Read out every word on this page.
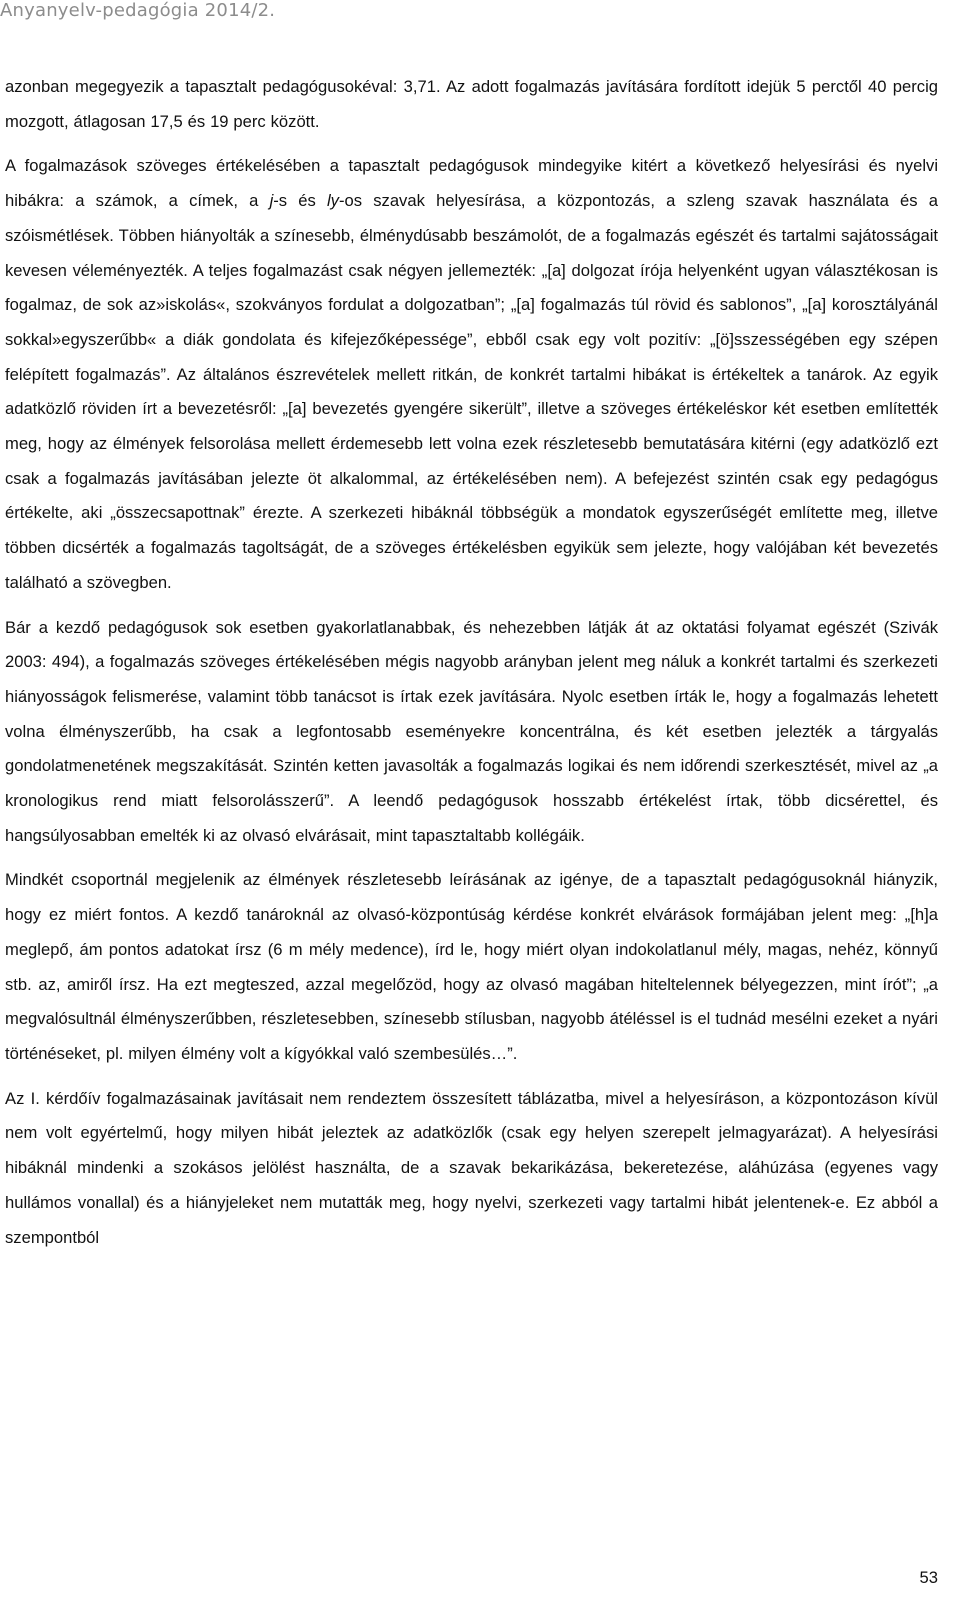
Anyanyelv-pedagógia 2014/2.

azonban megegyezik a tapasztalt pedagógusokéval: 3,71. Az adott fogalmazás javítására fordított idejük 5 perctől 40 percig mozgott, átlagosan 17,5 és 19 perc között.

A fogalmazások szöveges értékelésében a tapasztalt pedagógusok mindegyike kitért a következő helyesírási és nyelvi hibákra: a számok, a címek, a j-s és ly-os szavak helyesírása, a központozás, a szleng szavak használata és a szóismétlések. Többen hiányolták a színesebb, élménydúsabb beszámolót, de a fogalmazás egészét és tartalmi sajátosságait kevesen véleményezték. A teljes fogalmazást csak négyen jellemezték: „[a] dolgozat írója helyenként ugyan választékosan is fogalmaz, de sok az»iskolás«, szokványos fordulat a dolgozatban”; „[a] fogalmazás túl rövid és sablonos”, „[a] korosztályánál sokkal»egyszerűbb« a diák gondolata és kifejezőképessége”, ebből csak egy volt pozitív: „[ö]sszességében egy szépen felépített fogalmazás”. Az általános észrevételek mellett ritkán, de konkrét tartalmi hibákat is értékeltek a tanárok. Az egyik adatközlő röviden írt a bevezetésről: „[a] bevezetés gyengére sikerült”, illetve a szöveges értékeléskor két esetben említették meg, hogy az élmények felsorolása mellett érdemesebb lett volna ezek részletesebb bemutatására kitérni (egy adatközlő ezt csak a fogalmazás javításában jelezte öt alkalommal, az értékelésében nem). A befejezést szintén csak egy pedagógus értékelte, aki „összecsapottnak” érezte. A szerkezeti hibáknál többségük a mondatok egyszerűségét említette meg, illetve többen dicsérték a fogalmazás tagoltságát, de a szöveges értékelésben egyikük sem jelezte, hogy valójában két bevezetés található a szövegben.

Bár a kezdő pedagógusok sok esetben gyakorlatlanabbak, és nehezebben látják át az oktatási folyamat egészét (Szivák 2003: 494), a fogalmazás szöveges értékelésében mégis nagyobb arányban jelent meg náluk a konkrét tartalmi és szerkezeti hiányosságok felismerése, valamint több tanácsot is írtak ezek javítására. Nyolc esetben írták le, hogy a fogalmazás lehetett volna élményszerűbb, ha csak a legfontosabb eseményekre koncentrálna, és két esetben jelezték a tárgyalás gondolatmenetének megszakítását. Szintén ketten javasolták a fogalmazás logikai és nem időrendi szerkesztését, mivel az „a kronologikus rend miatt felsorolásszerű”. A leendő pedagógusok hosszabb értékelést írtak, több dicsérettel, és hangsúlyosabban emelték ki az olvasó elvárásait, mint tapasztaltabb kollégáik.

Mindkét csoportnál megjelenik az élmények részletesebb leírásának az igénye, de a tapasztalt pedagógusoknál hiányzik, hogy ez miért fontos. A kezdő tanároknál az olvasó-központúság kérdése konkrét elvárások formájában jelent meg: „[h]a meglepő, ám pontos adatokat írsz (6 m mély medence), írd le, hogy miért olyan indokolatlanul mély, magas, nehéz, könnyű stb. az, amiről írsz. Ha ezt megteszed, azzal megelőzöd, hogy az olvasó magában hiteltelennek bélyegezzen, mint írót”; „a megvalósultnál élményszerűbben, részletesebben, színesebb stílusban, nagyobb átéléssel is el tudnád mesélni ezeket a nyári történéseket, pl. milyen élmény volt a kígyókkal való szembesülés…”.

Az I. kérdőív fogalmazásainak javításait nem rendeztem összesített táblázatba, mivel a helyesíráson, a központozáson kívül nem volt egyértelmű, hogy milyen hibát jeleztek az adatközlők (csak egy helyen szerepelt jelmagyarázat). A helyesírási hibáknál mindenki a szokásos jelölést használta, de a szavak bekarikázása, bekeretezése, aláhúzása (egyenes vagy hullámos vonallal) és a hiányjeleket nem mutatták meg, hogy nyelvi, szerkezeti vagy tartalmi hibát jelentenek-e. Ez abból a szempontból

53
